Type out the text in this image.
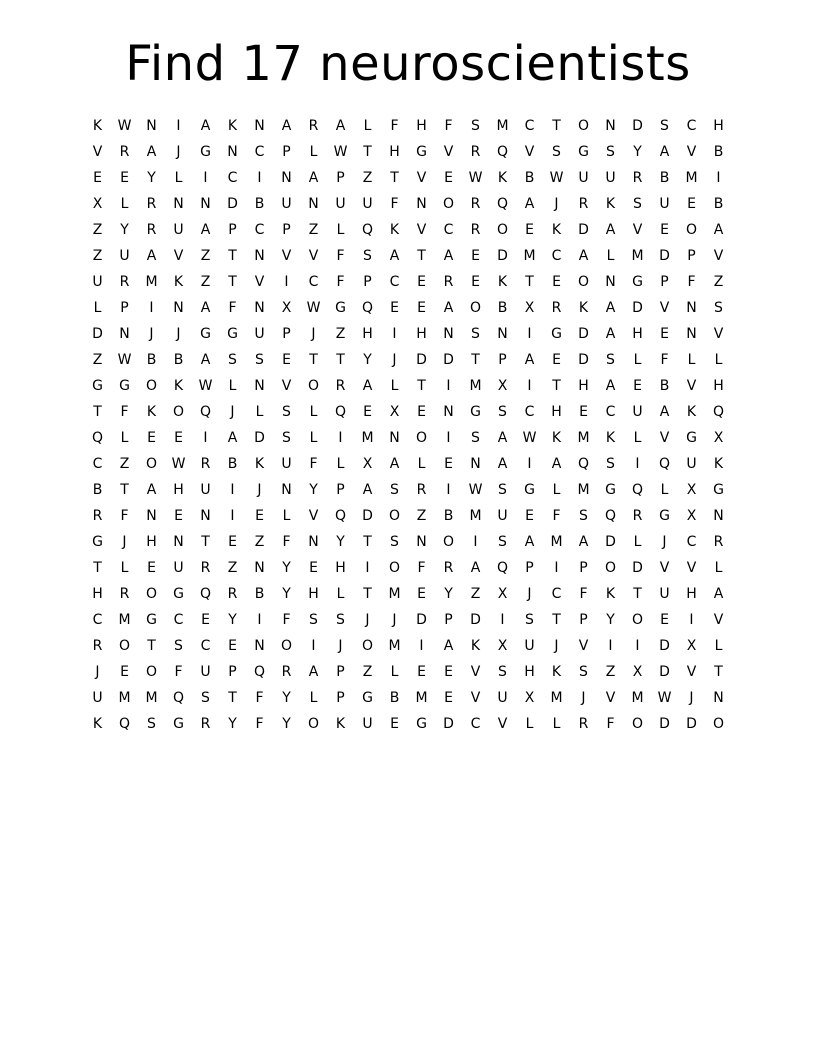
Find 17 neuroscientists
K	W	N	I	A	K	N	A	R	A	L	F	H	F	S	M	C	T	O	N	D	S	C	H
V	R	A	J	G	N	C	P	L	W	T	H	G	V	R	Q	V	S	G	S	Y	A	V	B
E	E	Y	L	I	C	I	N	A	P	Z	T	V	E	W	K	B	W	U	U	R	B	M	I
X	L	R	N	N	D	B	U	N	U	U	F	N	O	R	Q	A	J	R	K	S	U	E	B
Z	Y	R	U	A	P	C	P	Z	L	Q	K	V	C	R	O	E	K	D	A	V	E	O	A
Z	U	A	V	Z	T	N	V	V	F	S	A	T	A	E	D	M	C	A	L	M	D	P	V
U	R	M	K	Z	T	V	I	C	F	P	C	E	R	E	K	T	E	O	N	G	P	F	Z
L	P	I	N	A	F	N	X	W	G	Q	E	E	A	O	B	X	R	K	A	D	V	N	S
D	N	J	J	G	G	U	P	J	Z	H	I	H	N	S	N	I	G	D	A	H	E	N	V
Z	W	B	B	A	S	S	E	T	T	Y	J	D	D	T	P	A	E	D	S	L	F	L	L
G	G	O	K	W	L	N	V	O	R	A	L	T	I	M	X	I	T	H	A	E	B	V	H
T	F	K	O	Q	J	L	S	L	Q	E	X	E	N	G	S	C	H	E	C	U	A	K	Q
Q	L	E	E	I	A	D	S	L	I	M	N	O	I	S	A	W	K	M	K	L	V	G	X
C	Z	O	W	R	B	K	U	F	L	X	A	L	E	N	A	I	A	Q	S	I	Q	U	K
B	T	A	H	U	I	J	N	Y	P	A	S	R	I	W	S	G	L	M	G	Q	L	X	G
R	F	N	E	N	I	E	L	V	Q	D	O	Z	B	M	U	E	F	S	Q	R	G	X	N
G	J	H	N	T	E	Z	F	N	Y	T	S	N	O	I	S	A	M	A	D	L	J	C	R
T	L	E	U	R	Z	N	Y	E	H	I	O	F	R	A	Q	P	I	P	O	D	V	V	L
H	R	O	G	Q	R	B	Y	H	L	T	M	E	Y	Z	X	J	C	F	K	T	U	H	A
C	M	G	C	E	Y	I	F	S	S	J	J	D	P	D	I	S	T	P	Y	O	E	I	V
R	O	T	S	C	E	N	O	I	J	O	M	I	A	K	X	U	J	V	I	I	D	X	L
J	E	O	F	U	P	Q	R	A	P	Z	L	E	E	V	S	H	K	S	Z	X	D	V	T
U	M	M	Q	S	T	F	Y	L	P	G	B	M	E	V	U	X	M	J	V	M	W	J	N
K	Q	S	G	R	Y	F	Y	O	K	U	E	G	D	C	V	L	L	R	F	O	D	D	O
